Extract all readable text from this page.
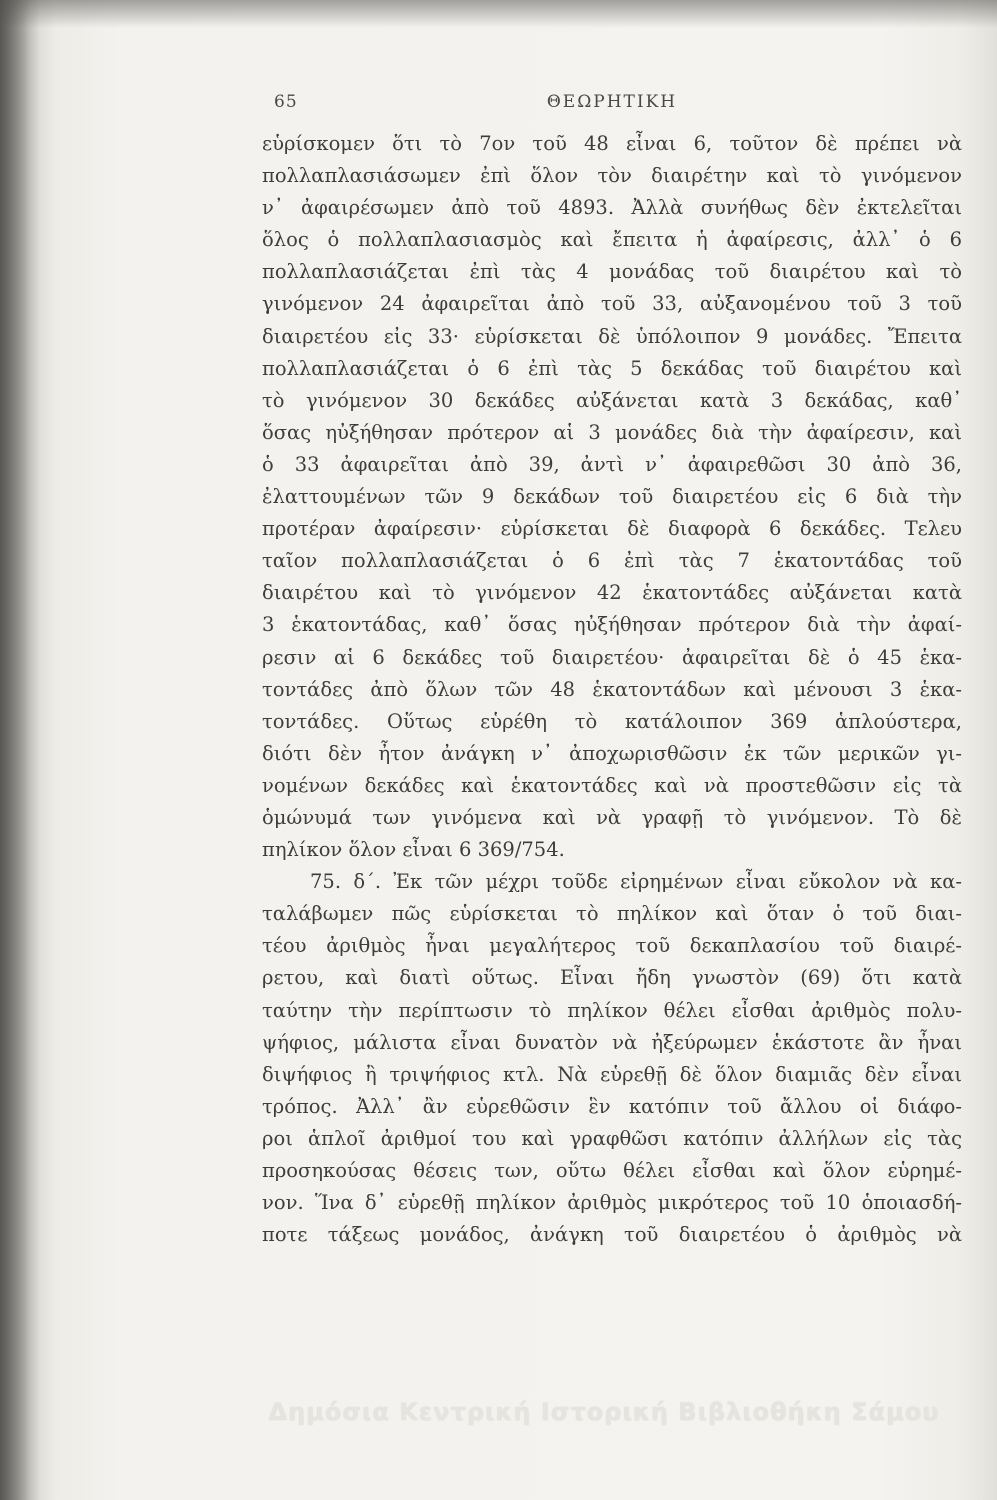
65	ΘΕΩΡΗΤΙΚΗ
εὑρίσκομεν ὅτι τὸ 7ον τοῦ 48 εἶναι 6, τοῦτον δὲ πρέπει νὰ
πολλαπλασιάσωμεν ἐπὶ ὅλον τὸν διαιρέτην καὶ τὸ γινόμενον
ν᾽ ἀφαιρέσωμεν ἀπὸ τοῦ 4893. Ἀλλὰ συνήθως δὲν ἐκτελεῖται
ὅλος ὁ πολλαπλασιασμὸς καὶ ἔπειτα ἡ ἀφαίρεσις, ἀλλ᾽ ὁ 6
πολλαπλασιάζεται ἐπὶ τὰς 4 μονάδας τοῦ διαιρέτου καὶ τὸ
γινόμενον 24 ἀφαιρεῖται ἀπὸ τοῦ 33, αὐξανομένου τοῦ 3 τοῦ
διαιρετέου εἰς 33· εὑρίσκεται δὲ ὑπόλοιπον 9 μονάδες. Ἔπειτα
πολλαπλασιάζεται ὁ 6 ἐπὶ τὰς 5 δεκάδας τοῦ διαιρέτου καὶ
τὸ γινόμενον 30 δεκάδες αὐξάνεται κατὰ 3 δεκάδας, καθ᾽
ὅσας ηὐξήθησαν πρότερον αἱ 3 μονάδες διὰ τὴν ἀφαίρεσιν, καὶ
ὁ 33 ἀφαιρεῖται ἀπὸ 39, ἀντὶ ν᾽ ἀφαιρεθῶσι 30 ἀπὸ 36,
ἐλαττουμένων τῶν 9 δεκάδων τοῦ διαιρετέου εἰς 6 διὰ τὴν
προτέραν ἀφαίρεσιν· εὑρίσκεται δὲ διαφορὰ 6 δεκάδες. Τελευ
ταῖον πολλαπλασιάζεται ὁ 6 ἐπὶ τὰς 7 ἑκατοντάδας τοῦ
διαιρέτου καὶ τὸ γινόμενον 42 ἑκατοντάδες αὐξάνεται κατὰ
3 ἑκατοντάδας, καθ᾽ ὅσας ηὐξήθησαν πρότερον διὰ τὴν ἀφαί-
ρεσιν αἱ 6 δεκάδες τοῦ διαιρετέου· ἀφαιρεῖται δὲ ὁ 45 ἑκα-
τοντάδες ἀπὸ ὅλων τῶν 48 ἑκατοντάδων καὶ μένουσι 3 ἑκα-
τοντάδες. Οὕτως εὑρέθη τὸ κατάλοιπον 369 ἁπλούστερα,
διότι δὲν ἦτον ἀνάγκη ν᾽ ἀποχωρισθῶσιν ἐκ τῶν μερικῶν γι-
νομένων δεκάδες καὶ ἑκατοντάδες καὶ νὰ προστεθῶσιν εἰς τὰ
ὁμώνυμά των γινόμενα καὶ νὰ γραφῇ τὸ γινόμενον. Τὸ δὲ
πηλίκον ὅλον εἶναι 6 369/754.
75. δ΄. Ἐκ τῶν μέχρι τοῦδε εἰρημένων εἶναι εὔκολον νὰ κα-
ταλάβωμεν πῶς εὑρίσκεται τὸ πηλίκον καὶ ὅταν ὁ τοῦ διαι-
τέου ἀριθμὸς ἦναι μεγαλήτερος τοῦ δεκαπλασίου τοῦ διαιρέ-
ρετου, καὶ διατὶ οὕτως. Εἶναι ἤδη γνωστὸν (69) ὅτι κατὰ
ταύτην τὴν περίπτωσιν τὸ πηλίκον θέλει εἶσθαι ἀριθμὸς πολυ-
ψήφιος, μάλιστα εἶναι δυνατὸν νὰ ἠξεύρωμεν ἑκάστοτε ἂν ἦναι
διψήφιος ἢ τριψήφιος κτλ. Νὰ εὑρεθῇ δὲ ὅλον διαμιᾶς δὲν εἶναι
τρόπος. Ἀλλ᾽ ἂν εὑρεθῶσιν ἓν κατόπιν τοῦ ἄλλου οἱ διάφο-
ροι ἁπλοῖ ἀριθμοί του καὶ γραφθῶσι κατόπιν ἀλλήλων εἰς τὰς
προσηκούσας θέσεις των, οὕτω θέλει εἶσθαι καὶ ὅλον εὑρημέ-
νον. Ἵνα δ᾽ εὑρεθῇ πηλίκον ἀριθμὸς μικρότερος τοῦ 10 ὁποιασδή-
ποτε τάξεως μονάδος, ἀνάγκη τοῦ διαιρετέου ὁ ἀριθμὸς νὰ
Δημόσια Κεντρική Ιστορική Βιβλιοθήκη Σάμου
